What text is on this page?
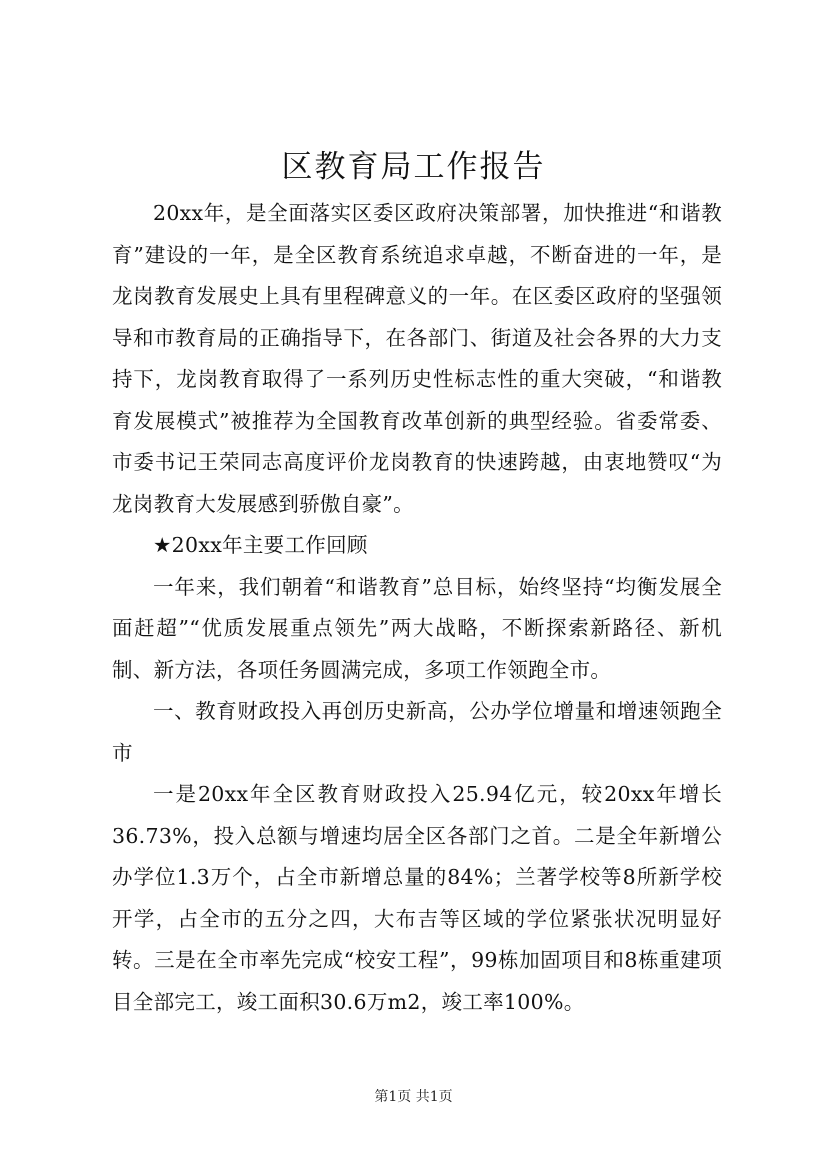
区教育局工作报告

20xx年，是全面落实区委区政府决策部署，加快推进“和谐教育”建设的一年，是全区教育系统追求卓越，不断奋进的一年，是龙岗教育发展史上具有里程碑意义的一年。在区委区政府的坚强领导和市教育局的正确指导下，在各部门、街道及社会各界的大力支持下，龙岗教育取得了一系列历史性标志性的重大突破，“和谐教育发展模式”被推荐为全国教育改革创新的典型经验。省委常委、市委书记王荣同志高度评价龙岗教育的快速跨越，由衷地赞叹“为龙岗教育大发展感到骄傲自豪”。

★20xx年主要工作回顾

一年来，我们朝着“和谐教育”总目标，始终坚持“均衡发展全面赶超”“优质发展重点领先”两大战略，不断探索新路径、新机制、新方法，各项任务圆满完成，多项工作领跑全市。

一、教育财政投入再创历史新高，公办学位增量和增速领跑全市

一是20xx年全区教育财政投入25.94亿元，较20xx年增长36.73%，投入总额与增速均居全区各部门之首。二是全年新增公办学位1.3万个，占全市新增总量的84%；兰著学校等8所新学校开学，占全市的五分之四，大布吉等区域的学位紧张状况明显好转。三是在全市率先完成“校安工程”，99栋加固项目和8栋重建项目全部完工，竣工面积30.6万m2，竣工率100%。

第1页 共1页
